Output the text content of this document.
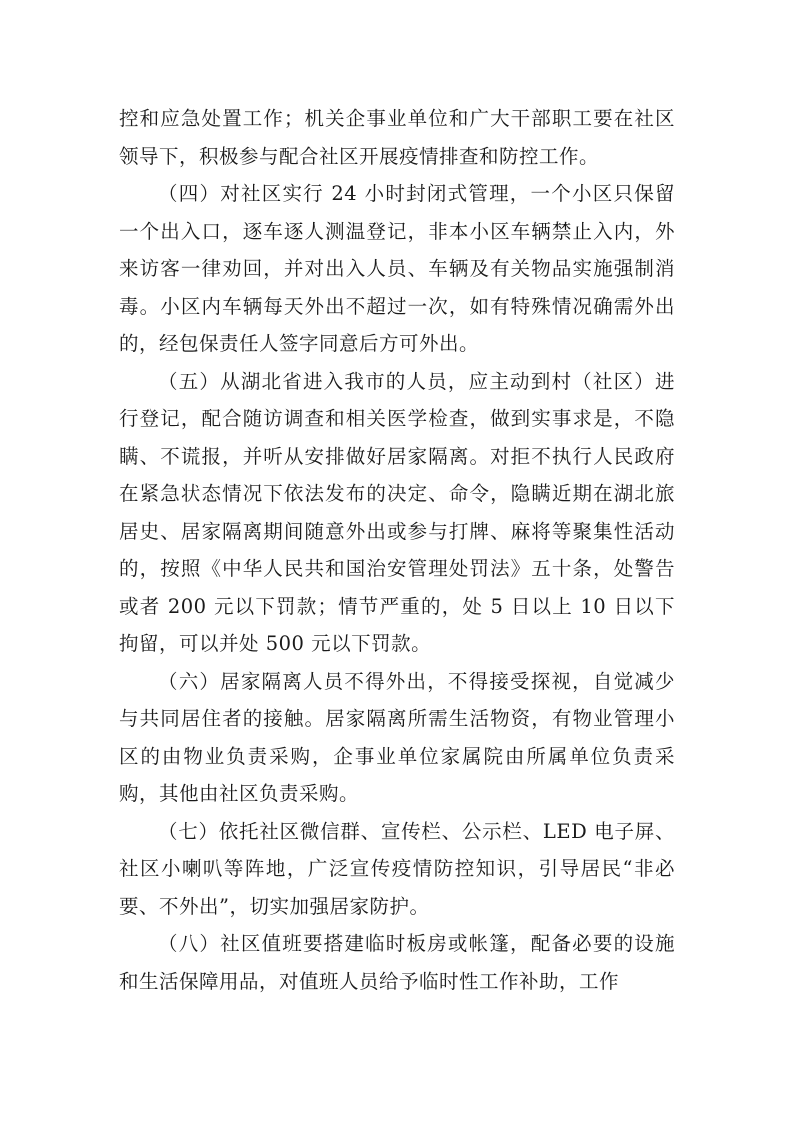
控和应急处置工作；机关企事业单位和广大干部职工要在社区领导下，积极参与配合社区开展疫情排查和防控工作。

（四）对社区实行 24 小时封闭式管理，一个小区只保留一个出入口，逐车逐人测温登记，非本小区车辆禁止入内，外来访客一律劝回，并对出入人员、车辆及有关物品实施强制消毒。小区内车辆每天外出不超过一次，如有特殊情况确需外出的，经包保责任人签字同意后方可外出。

（五）从湖北省进入我市的人员，应主动到村（社区）进行登记，配合随访调查和相关医学检查，做到实事求是，不隐瞒、不谎报，并听从安排做好居家隔离。对拒不执行人民政府在紧急状态情况下依法发布的决定、命令，隐瞒近期在湖北旅居史、居家隔离期间随意外出或参与打牌、麻将等聚集性活动的，按照《中华人民共和国治安管理处罚法》五十条，处警告或者 200 元以下罚款；情节严重的，处 5 日以上 10 日以下拘留，可以并处 500 元以下罚款。

（六）居家隔离人员不得外出，不得接受探视，自觉减少与共同居住者的接触。居家隔离所需生活物资，有物业管理小区的由物业负责采购，企事业单位家属院由所属单位负责采购，其他由社区负责采购。

（七）依托社区微信群、宣传栏、公示栏、LED 电子屏、社区小喇叭等阵地，广泛宣传疫情防控知识，引导居民“非必要、不外出”，切实加强居家防护。

（八）社区值班要搭建临时板房或帐篷，配备必要的设施和生活保障用品，对值班人员给予临时性工作补助，工作
